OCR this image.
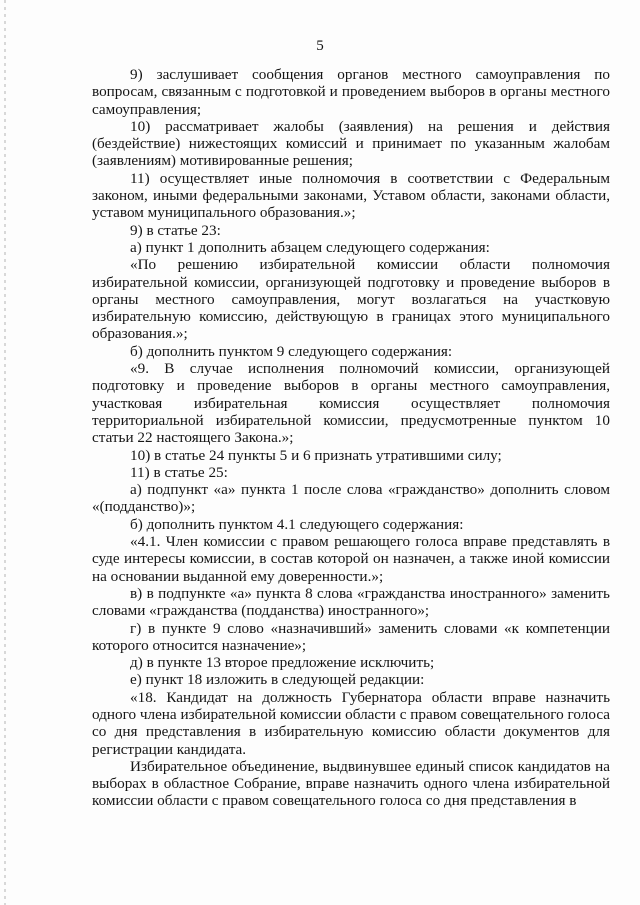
5

9) заслушивает сообщения органов местного самоуправления по вопросам, связанным с подготовкой и проведением выборов в органы местного самоуправления;

10) рассматривает жалобы (заявления) на решения и действия (бездействие) нижестоящих комиссий и принимает по указанным жалобам (заявлениям) мотивированные решения;

11) осуществляет иные полномочия в соответствии с Федеральным законом, иными федеральными законами, Уставом области, законами области, уставом муниципального образования.»;

9) в статье 23:

а) пункт 1 дополнить абзацем следующего содержания:

«По решению избирательной комиссии области полномочия избирательной комиссии, организующей подготовку и проведение выборов в органы местного самоуправления, могут возлагаться на участковую избирательную комиссию, действующую в границах этого муниципального образования.»;

б) дополнить пунктом 9 следующего содержания:

«9. В случае исполнения полномочий комиссии, организующей подготовку и проведение выборов в органы местного самоуправления, участковая избирательная комиссия осуществляет полномочия территориальной избирательной комиссии, предусмотренные пунктом 10 статьи 22 настоящего Закона.»;

10) в статье 24 пункты 5 и 6 признать утратившими силу;

11) в статье 25:

а) подпункт «а» пункта 1 после слова «гражданство» дополнить словом «(подданство)»;

б) дополнить пунктом 4.1 следующего содержания:

«4.1. Член комиссии с правом решающего голоса вправе представлять в суде интересы комиссии, в состав которой он назначен, а также иной комиссии на основании выданной ему доверенности.»;

в) в подпункте «а» пункта 8 слова «гражданства иностранного» заменить словами «гражданства (подданства) иностранного»;

г) в пункте 9 слово «назначивший» заменить словами «к компетенции которого относится назначение»;

д) в пункте 13 второе предложение исключить;

е) пункт 18 изложить в следующей редакции:

«18. Кандидат на должность Губернатора области вправе назначить одного члена избирательной комиссии области с правом совещательного голоса со дня представления в избирательную комиссию области документов для регистрации кандидата.

Избирательное объединение, выдвинувшее единый список кандидатов на выборах в областное Собрание, вправе назначить одного члена избирательной комиссии области с правом совещательного голоса со дня представления в
